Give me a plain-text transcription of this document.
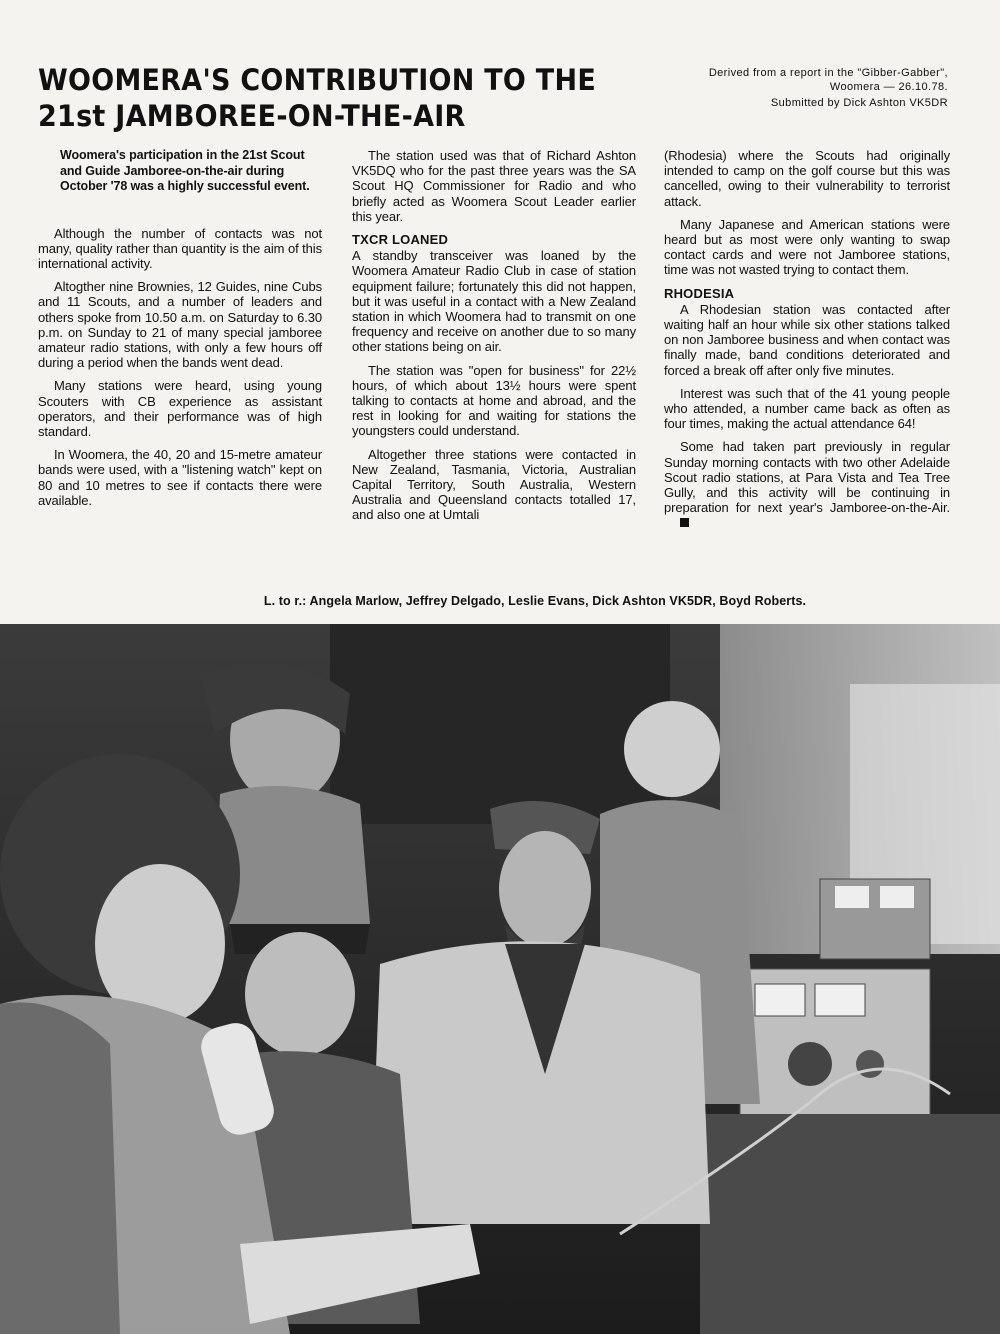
WOOMERA'S CONTRIBUTION TO THE
21st JAMBOREE-ON-THE-AIR
Derived from a report in the "Gibber-Gabber",
Woomera — 26.10.78.
Submitted by Dick Ashton VK5DR
Woomera's participation in the 21st Scout and Guide Jamboree-on-the-air during October '78 was a highly successful event.

Although the number of contacts was not many, quality rather than quantity is the aim of this international activity.

Altogther nine Brownies, 12 Guides, nine Cubs and 11 Scouts, and a number of leaders and others spoke from 10.50 a.m. on Saturday to 6.30 p.m. on Sunday to 21 of many special jamboree amateur radio stations, with only a few hours off during a period when the bands went dead.

Many stations were heard, using young Scouters with CB experience as assistant operators, and their performance was of high standard.

In Woomera, the 40, 20 and 15-metre amateur bands were used, with a "listening watch" kept on 80 and 10 metres to see if contacts there were available.

The station used was that of Richard Ashton VK5DQ who for the past three years was the SA Scout HQ Commissioner for Radio and who briefly acted as Woomera Scout Leader earlier this year.

TXCR LOANED

A standby transceiver was loaned by the Woomera Amateur Radio Club in case of station equipment failure; fortunately this did not happen, but it was useful in a contact with a New Zealand station in which Woomera had to transmit on one frequency and receive on another due to so many other stations being on air.

The station was "open for business" for 22½ hours, of which about 13½ hours were spent talking to contacts at home and abroad, and the rest in looking for and waiting for stations the youngsters could understand.

Altogether three stations were contacted in New Zealand, Tasmania, Victoria, Australian Capital Territory, South Australia, Western Australia and Queensland contacts totalled 17, and also one at Umtali

(Rhodesia) where the Scouts had originally intended to camp on the golf course but this was cancelled, owing to their vulnerability to terrorist attack.

Many Japanese and American stations were heard but as most were only wanting to swap contact cards and were not Jamboree stations, time was not wasted trying to contact them.

RHODESIA

A Rhodesian station was contacted after waiting half an hour while six other stations talked on non Jamboree business and when contact was finally made, band conditions deteriorated and forced a break off after only five minutes.

Interest was such that of the 41 young people who attended, a number came back as often as four times, making the actual attendance 64!

Some had taken part previously in regular Sunday morning contacts with two other Adelaide Scout radio stations, at Para Vista and Tea Tree Gully, and this activity will be continuing in preparation for next year's Jamboree-on-the-Air.

L. to r.: Angela Marlow, Jeffrey Delgado, Leslie Evans, Dick Ashton VK5DR, Boyd Roberts.
